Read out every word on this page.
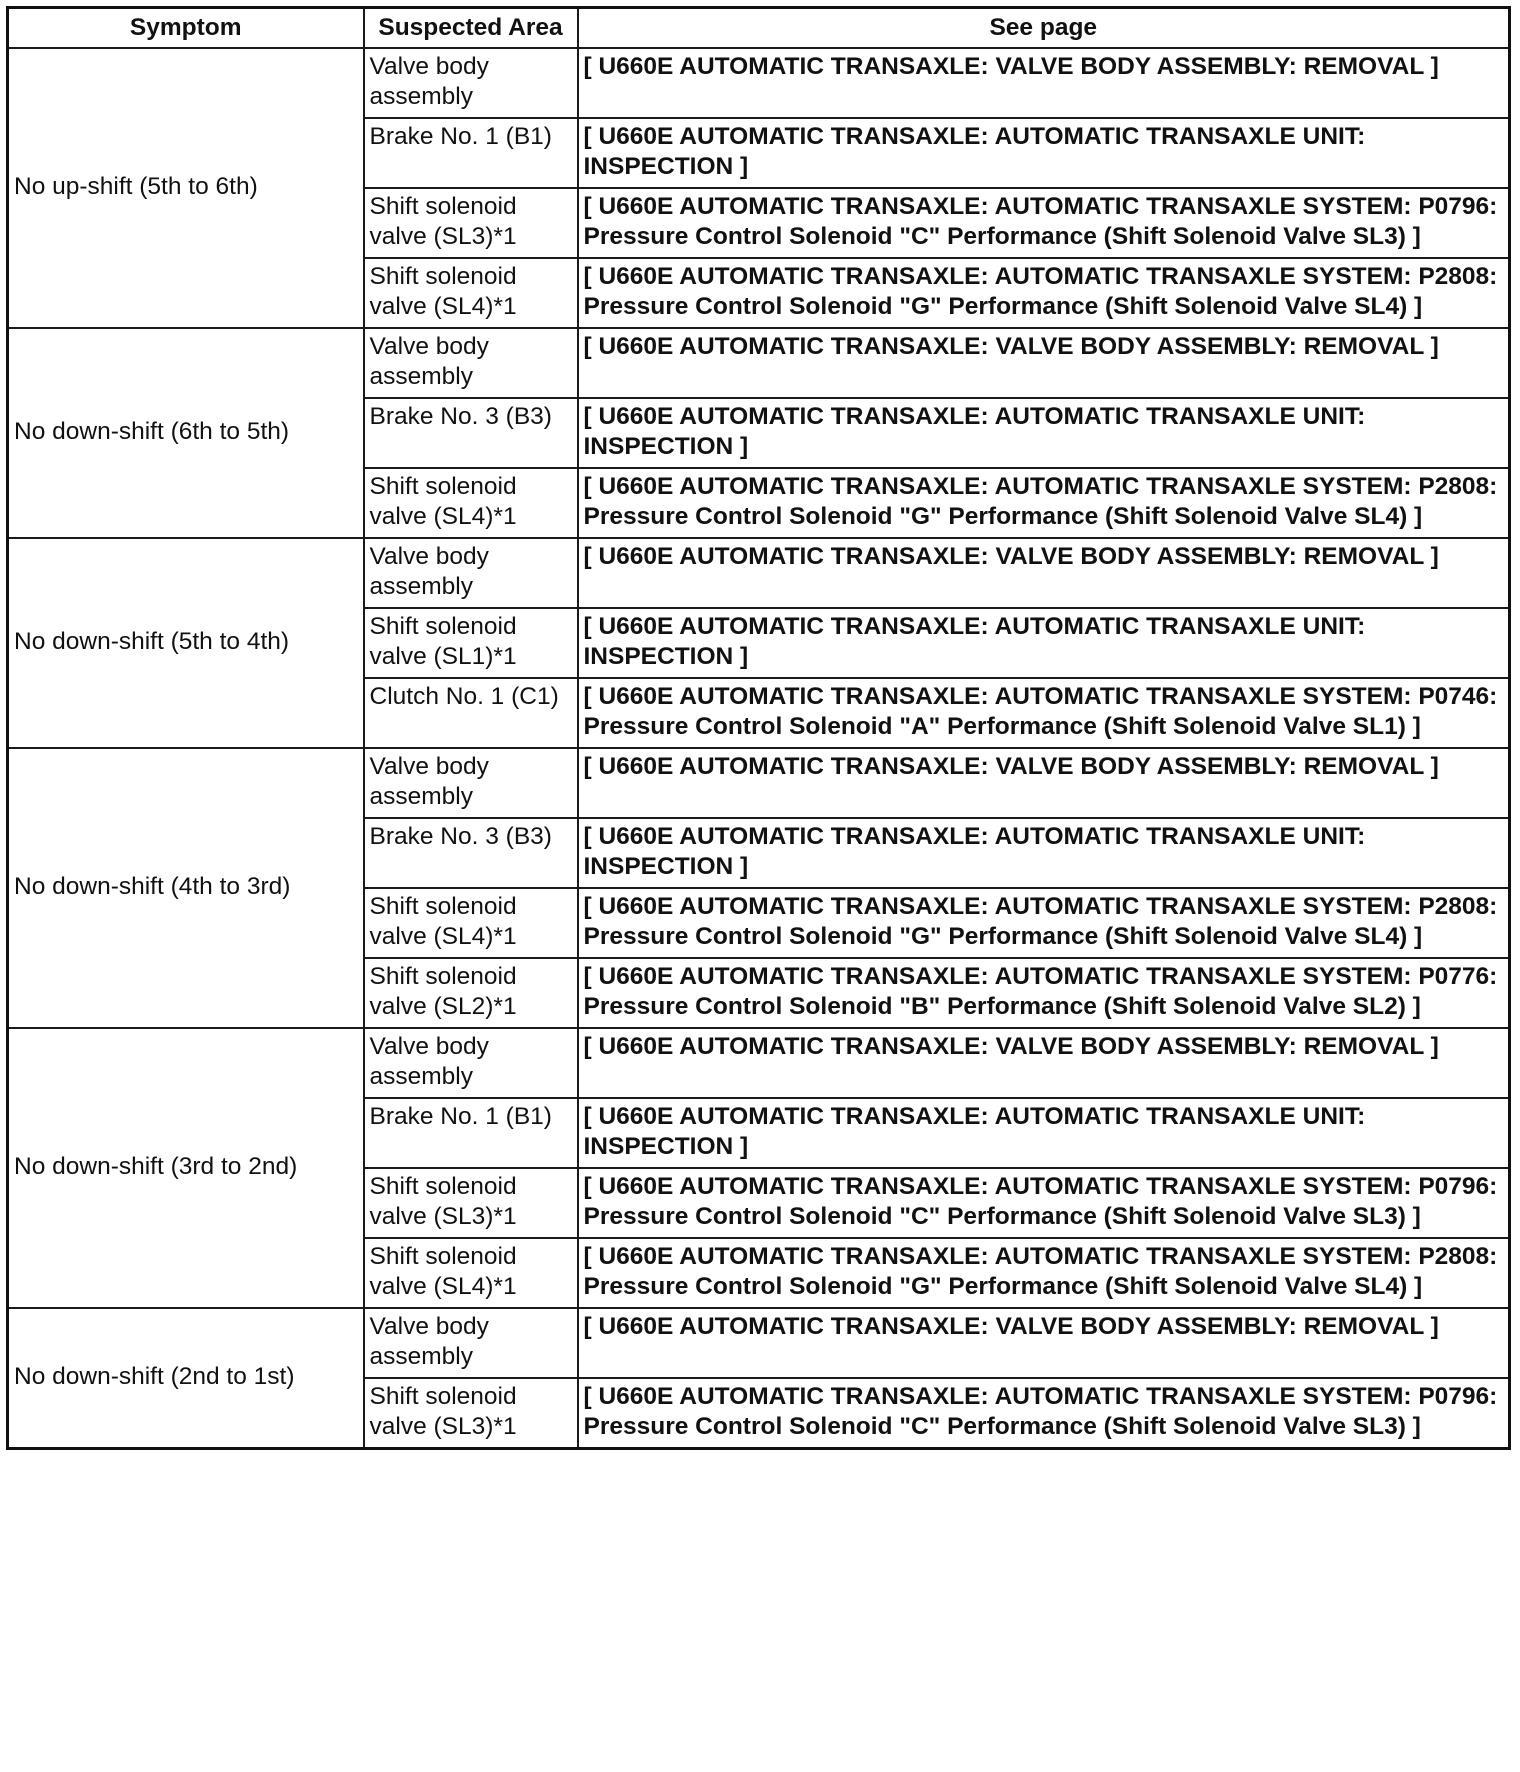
Symptom	Suspected Area	See page
No up-shift (5th to 6th)	Valve body assembly	[ U660E AUTOMATIC TRANSAXLE: VALVE BODY ASSEMBLY: REMOVAL ]
	Brake No. 1 (B1)	[ U660E AUTOMATIC TRANSAXLE: AUTOMATIC TRANSAXLE UNIT: INSPECTION ]
	Shift solenoid valve (SL3)*1	[ U660E AUTOMATIC TRANSAXLE: AUTOMATIC TRANSAXLE SYSTEM: P0796: Pressure Control Solenoid "C" Performance (Shift Solenoid Valve SL3) ]
	Shift solenoid valve (SL4)*1	[ U660E AUTOMATIC TRANSAXLE: AUTOMATIC TRANSAXLE SYSTEM: P2808: Pressure Control Solenoid "G" Performance (Shift Solenoid Valve SL4) ]
No down-shift (6th to 5th)	Valve body assembly	[ U660E AUTOMATIC TRANSAXLE: VALVE BODY ASSEMBLY: REMOVAL ]
	Brake No. 3 (B3)	[ U660E AUTOMATIC TRANSAXLE: AUTOMATIC TRANSAXLE UNIT: INSPECTION ]
	Shift solenoid valve (SL4)*1	[ U660E AUTOMATIC TRANSAXLE: AUTOMATIC TRANSAXLE SYSTEM: P2808: Pressure Control Solenoid "G" Performance (Shift Solenoid Valve SL4) ]
No down-shift (5th to 4th)	Valve body assembly	[ U660E AUTOMATIC TRANSAXLE: VALVE BODY ASSEMBLY: REMOVAL ]
	Shift solenoid valve (SL1)*1	[ U660E AUTOMATIC TRANSAXLE: AUTOMATIC TRANSAXLE UNIT: INSPECTION ]
	Clutch No. 1 (C1)	[ U660E AUTOMATIC TRANSAXLE: AUTOMATIC TRANSAXLE SYSTEM: P0746: Pressure Control Solenoid "A" Performance (Shift Solenoid Valve SL1) ]
No down-shift (4th to 3rd)	Valve body assembly	[ U660E AUTOMATIC TRANSAXLE: VALVE BODY ASSEMBLY: REMOVAL ]
	Brake No. 3 (B3)	[ U660E AUTOMATIC TRANSAXLE: AUTOMATIC TRANSAXLE UNIT: INSPECTION ]
	Shift solenoid valve (SL4)*1	[ U660E AUTOMATIC TRANSAXLE: AUTOMATIC TRANSAXLE SYSTEM: P2808: Pressure Control Solenoid "G" Performance (Shift Solenoid Valve SL4) ]
	Shift solenoid valve (SL2)*1	[ U660E AUTOMATIC TRANSAXLE: AUTOMATIC TRANSAXLE SYSTEM: P0776: Pressure Control Solenoid "B" Performance (Shift Solenoid Valve SL2) ]
No down-shift (3rd to 2nd)	Valve body assembly	[ U660E AUTOMATIC TRANSAXLE: VALVE BODY ASSEMBLY: REMOVAL ]
	Brake No. 1 (B1)	[ U660E AUTOMATIC TRANSAXLE: AUTOMATIC TRANSAXLE UNIT: INSPECTION ]
	Shift solenoid valve (SL3)*1	[ U660E AUTOMATIC TRANSAXLE: AUTOMATIC TRANSAXLE SYSTEM: P0796: Pressure Control Solenoid "C" Performance (Shift Solenoid Valve SL3) ]
	Shift solenoid valve (SL4)*1	[ U660E AUTOMATIC TRANSAXLE: AUTOMATIC TRANSAXLE SYSTEM: P2808: Pressure Control Solenoid "G" Performance (Shift Solenoid Valve SL4) ]
No down-shift (2nd to 1st)	Valve body assembly	[ U660E AUTOMATIC TRANSAXLE: VALVE BODY ASSEMBLY: REMOVAL ]
	Shift solenoid valve (SL3)*1	[ U660E AUTOMATIC TRANSAXLE: AUTOMATIC TRANSAXLE SYSTEM: P0796: Pressure Control Solenoid "C" Performance (Shift Solenoid Valve SL3) ]
